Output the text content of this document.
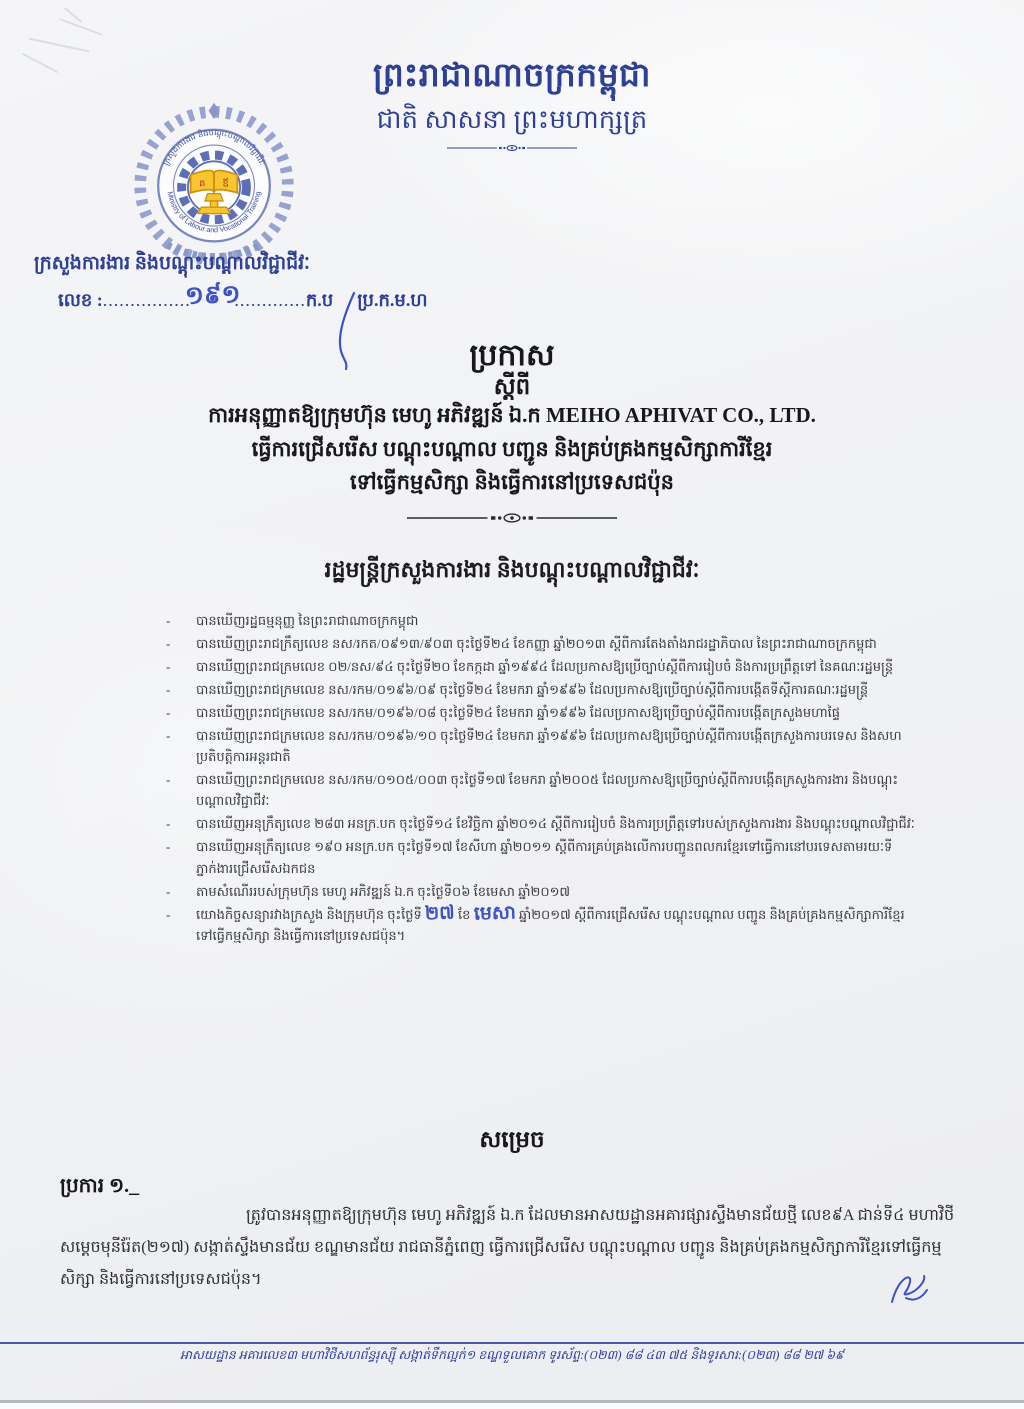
ព្រះរាជាណាចក្រកម្ពុជា
ជាតិ សាសនា ព្រះមហាក្សត្រ
ក្រសួងការងារ និងបណ្តុះបណ្តាលវិជ្ជាជីវៈ
Ministry of Labour and Vocational Training
គ ឪ
ក្រសួងការងារ និងបណ្តុះបណ្តាលវិជ្ជាជីវៈ
លេខ :................១៩១.............ក.ប ប្រ.ក.ម.ហ
ប្រកាស
ស្តីពី
ការអនុញ្ញាតឱ្យក្រុមហ៊ុន មេហូ អភិវឌ្ឍន៍ ឯ.ក MEIHO APHIVAT CO., LTD.
ធ្វើការជ្រើសរើស បណ្តុះបណ្តាល បញ្ជូន និងគ្រប់គ្រងកម្មសិក្សាការីខ្មែរ
ទៅធ្វើកម្មសិក្សា និងធ្វើការនៅប្រទេសជប៉ុន
រដ្ឋមន្ត្រីក្រសួងការងារ និងបណ្តុះបណ្តាលវិជ្ជាជីវៈ
-	បានឃើញរដ្ឋធម្មនុញ្ញ នៃព្រះរាជាណាចក្រកម្ពុជា
-	បានឃើញព្រះរាជក្រឹត្យលេខ នស/រកត/០៩១៣/៩០៣ ចុះថ្ងៃទី២៤ ខែកញ្ញា ឆ្នាំ២០១៣ ស្តីពីការតែងតាំងរាជរដ្ឋាភិបាល នៃព្រះរាជាណាចក្រកម្ពុជា
-	បានឃើញព្រះរាជក្រមលេខ ០២/នស/៩៤ ចុះថ្ងៃទី២០ ខែកក្កដា ឆ្នាំ១៩៩៤ ដែលប្រកាសឱ្យប្រើច្បាប់ស្តីពីការរៀបចំ និងការប្រព្រឹត្តទៅ នៃគណៈរដ្ឋមន្ត្រី
-	បានឃើញព្រះរាជក្រមលេខ នស/រកម/០១៩៦/០៩ ចុះថ្ងៃទី២៤ ខែមករា ឆ្នាំ១៩៩៦ ដែលប្រកាសឱ្យប្រើច្បាប់ស្តីពីការបង្កើតទីស្តីការគណៈរដ្ឋមន្ត្រី
-	បានឃើញព្រះរាជក្រមលេខ នស/រកម/០១៩៦/០៨ ចុះថ្ងៃទី២៤ ខែមករា ឆ្នាំ១៩៩៦ ដែលប្រកាសឱ្យប្រើច្បាប់ស្តីពីការបង្កើតក្រសួងមហាផ្ទៃ
-	បានឃើញព្រះរាជក្រមលេខ នស/រកម/០១៩៦/១០ ចុះថ្ងៃទី២៤ ខែមករា ឆ្នាំ១៩៩៦ ដែលប្រកាសឱ្យប្រើច្បាប់ស្តីពីការបង្កើតក្រសួងការបរទេស និងសហប្រតិបត្តិការអន្តរជាតិ
-	បានឃើញព្រះរាជក្រមលេខ នស/រកម/០១០៥/០០៣ ចុះថ្ងៃទី១៧ ខែមករា ឆ្នាំ២០០៥ ដែលប្រកាសឱ្យប្រើច្បាប់ស្តីពីការបង្កើតក្រសួងការងារ និងបណ្តុះបណ្តាលវិជ្ជាជីវៈ
-	បានឃើញអនុក្រឹត្យលេខ ២៨៣ អនក្រ.បក ចុះថ្ងៃទី១៤ ខែវិច្ឆិកា ឆ្នាំ២០១៤ ស្តីពីការរៀបចំ និងការប្រព្រឹត្តទៅរបស់ក្រសួងការងារ និងបណ្តុះបណ្តាលវិជ្ជាជីវៈ
-	បានឃើញអនុក្រឹត្យលេខ ១៩០ អនក្រ.បក ចុះថ្ងៃទី១៧ ខែសីហា ឆ្នាំ២០១១ ស្តីពីការគ្រប់គ្រងលើការបញ្ជូនពលករខ្មែរទៅធ្វើការនៅបរទេសតាមរយៈទីភ្នាក់ងារជ្រើសរើសឯកជន
-	តាមសំណើររបស់ក្រុមហ៊ុន មេហូ អភិវឌ្ឍន៍ ឯ.ក ចុះថ្ងៃទី០៦ ខែមេសា ឆ្នាំ២០១៧
-	យោងកិច្ចសន្យារវាងក្រសួង និងក្រុមហ៊ុន ចុះថ្ងៃទី ២៧ ខែ មេសា ឆ្នាំ២០១៧ ស្តីពីការជ្រើសរើស បណ្តុះបណ្តាល បញ្ជូន និងគ្រប់គ្រងកម្មសិក្សាការីខ្មែរទៅធ្វើកម្មសិក្សា និងធ្វើការនៅប្រទេសជប៉ុន។
សម្រេច
ប្រការ ១._
ត្រូវបានអនុញ្ញាតឱ្យក្រុមហ៊ុន មេហូ អភិវឌ្ឍន៍ ឯ.ក ដែលមានអាសយដ្ឋានអគារផ្សារស្ទឹងមានជ័យថ្មី លេខ៩A ជាន់ទី៤ មហាវិថីសម្តេចមុនីរ៉ែត(២១៧) សង្កាត់ស្ទឹងមានជ័យ ខណ្ឌមានជ័យ រាជធានីភ្នំពេញ ធ្វើការជ្រើសរើស បណ្តុះបណ្តាល បញ្ជូន និងគ្រប់គ្រងកម្មសិក្សាការីខ្មែរទៅធ្វើកម្មសិក្សា និងធ្វើការនៅប្រទេសជប៉ុន។
អាសយដ្ឋាន អគារលេខ៣ មហាវិថីសហព័ន្ធរុស្ស៊ី សង្កាត់ទឹកល្អក់១ ខណ្ឌទួលគោក ទូរស័ព្ទ:(០២៣) ៨៨ ៤៣ ៧៥ និងទូរសារ:(០២៣) ៨៨ ២៧ ៦៩
